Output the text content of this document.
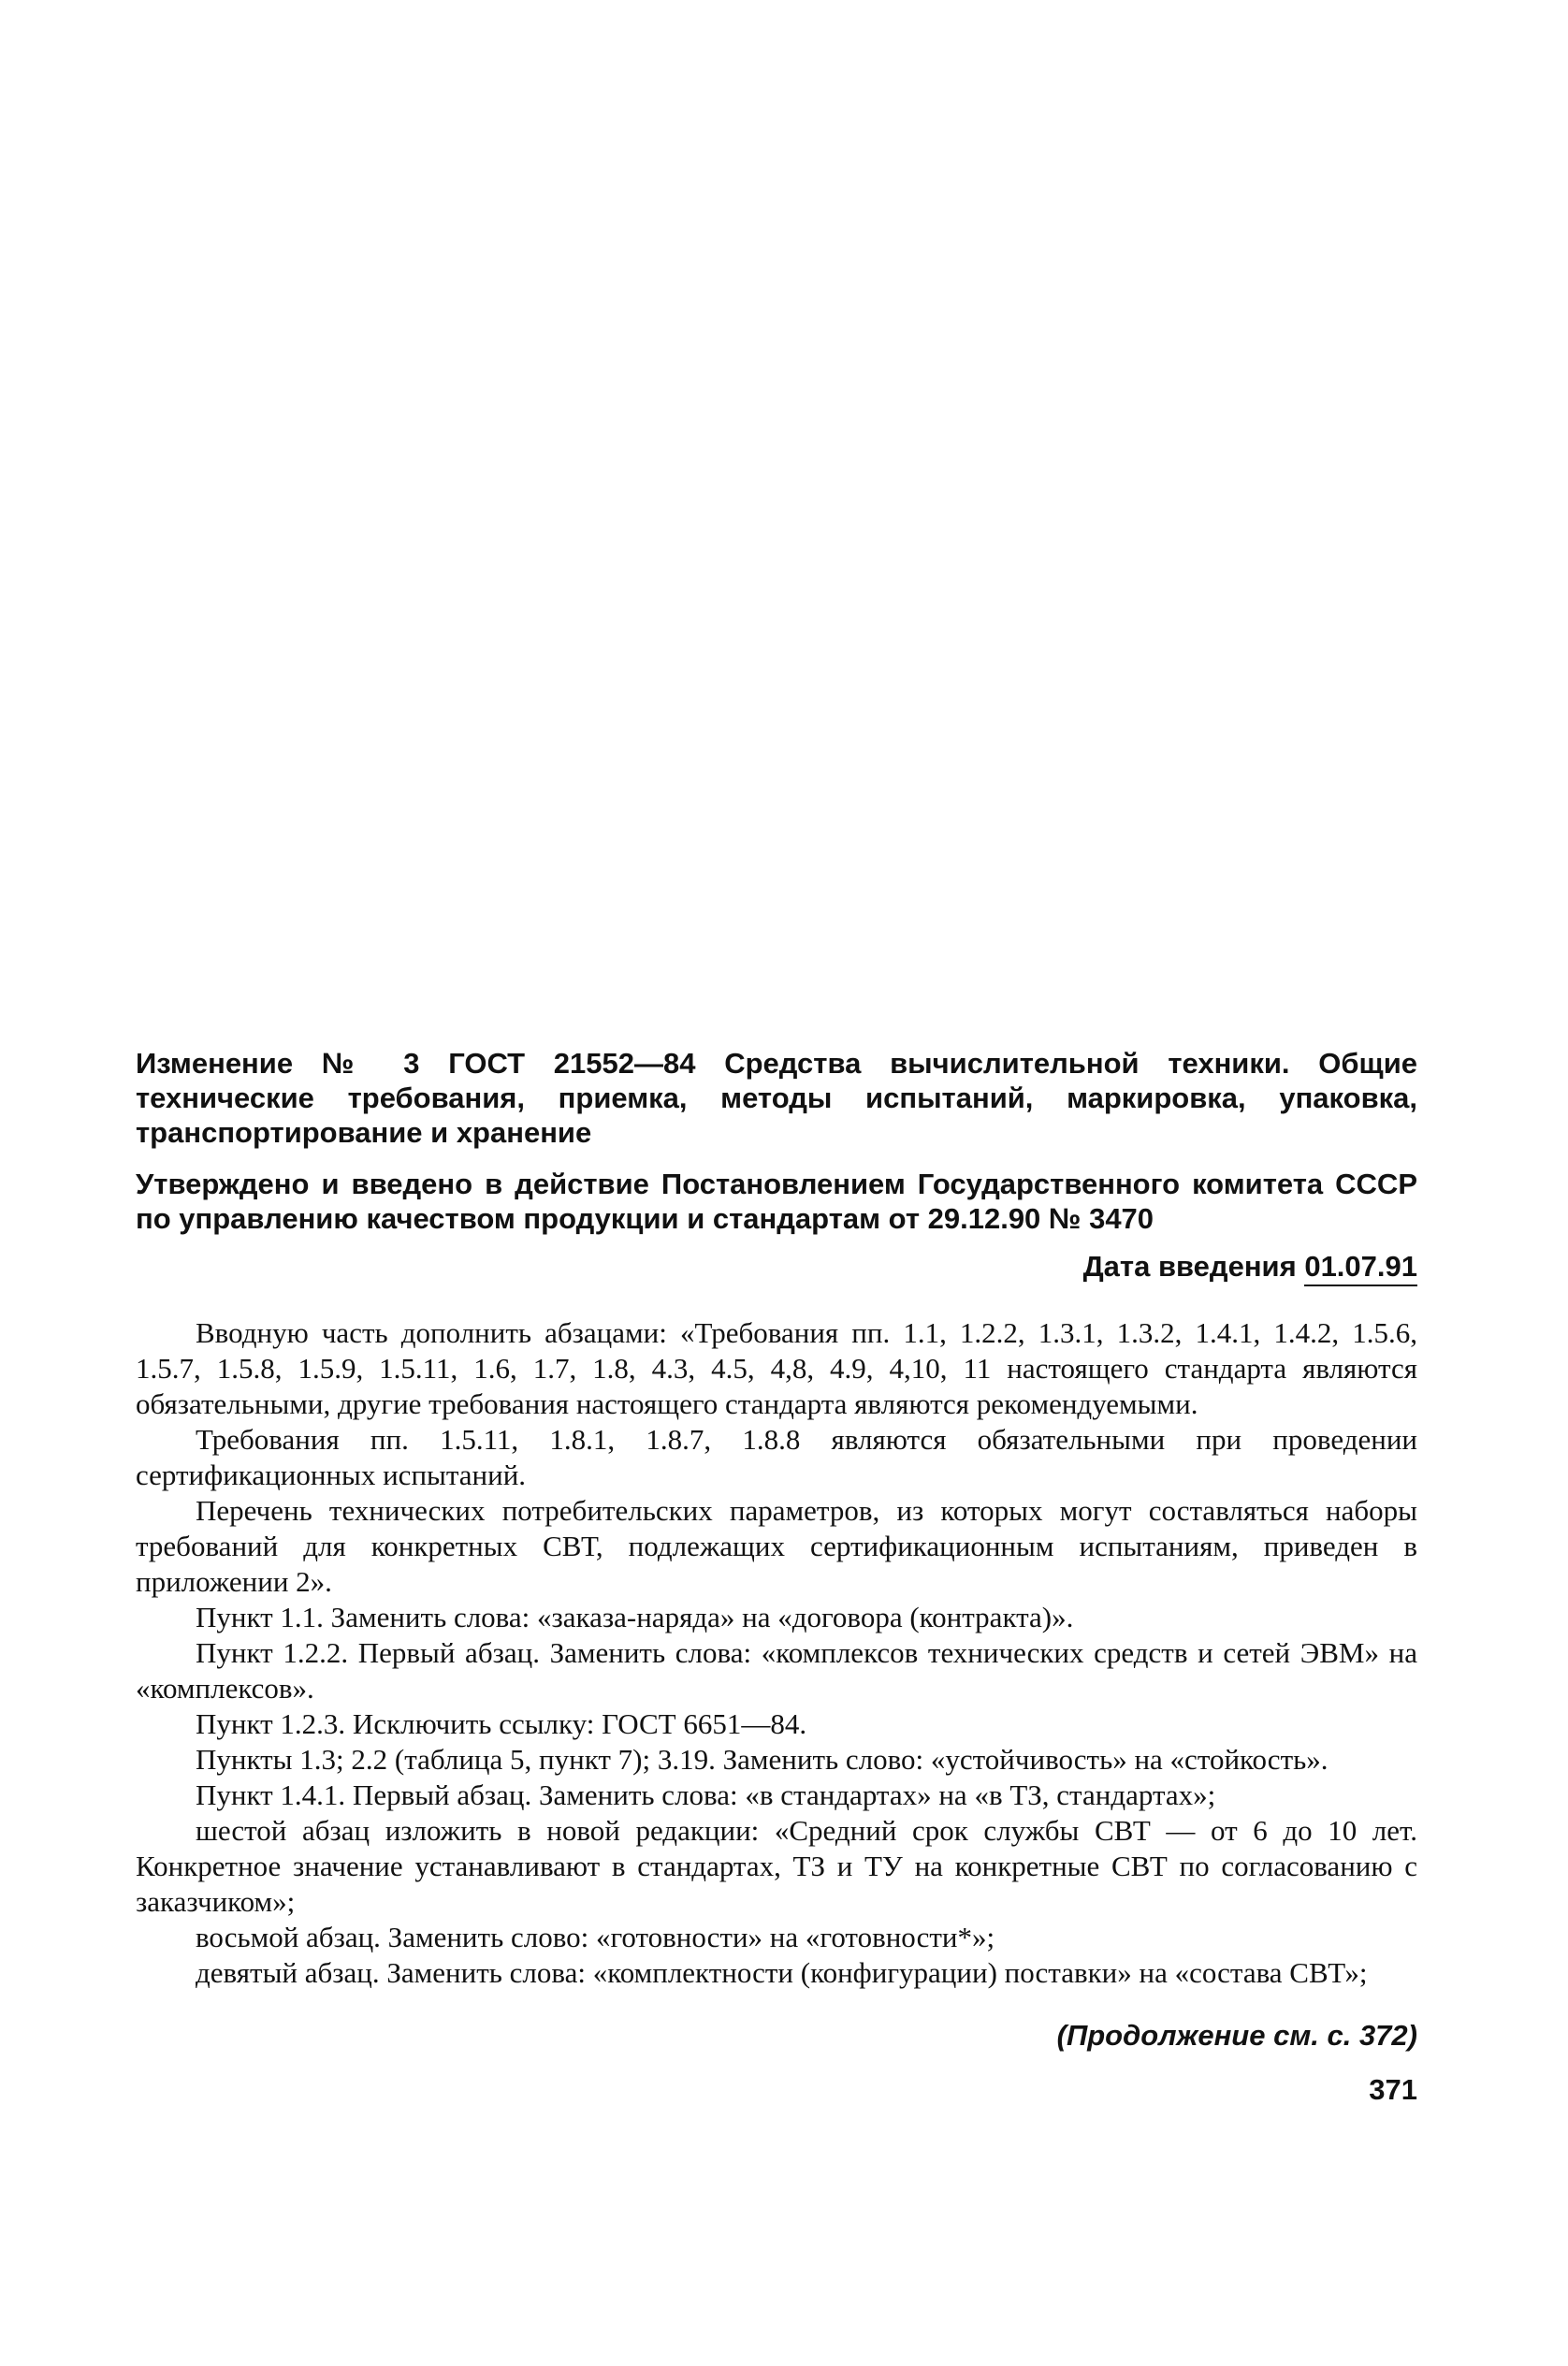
Изменение № 3 ГОСТ 21552—84 Средства вычислительной техники. Общие технические требования, приемка, методы испытаний, маркировка, упаковка, транспортирование и хранение

Утверждено и введено в действие Постановлением Государственного комитета СССР по управлению качеством продукции и стандартам от 29.12.90 № 3470

Дата введения 01.07.91

Вводную часть дополнить абзацами: «Требования пп. 1.1, 1.2.2, 1.3.1, 1.3.2, 1.4.1, 1.4.2, 1.5.6, 1.5.7, 1.5.8, 1.5.9, 1.5.11, 1.6, 1.7, 1.8, 4.3, 4.5, 4,8, 4.9, 4,10, 11 настоящего стандарта являются обязательными, другие требования настоящего стандарта являются рекомендуемыми.

Требования пп. 1.5.11, 1.8.1, 1.8.7, 1.8.8 являются обязательными при проведении сертификационных испытаний.

Перечень технических потребительских параметров, из которых могут составляться наборы требований для конкретных СВТ, подлежащих сертификационным испытаниям, приведен в приложении 2».

Пункт 1.1. Заменить слова: «заказа-наряда» на «договора (контракта)».

Пункт 1.2.2. Первый абзац. Заменить слова: «комплексов технических средств и сетей ЭВМ» на «комплексов».

Пункт 1.2.3. Исключить ссылку: ГОСТ 6651—84.

Пункты 1.3; 2.2 (таблица 5, пункт 7); 3.19. Заменить слово: «устойчивость» на «стойкость».

Пункт 1.4.1. Первый абзац. Заменить слова: «в стандартах» на «в ТЗ, стандартах»;

шестой абзац изложить в новой редакции: «Средний срок службы СВТ — от 6 до 10 лет. Конкретное значение устанавливают в стандартах, ТЗ и ТУ на конкретные СВТ по согласованию с заказчиком»;

восьмой абзац. Заменить слово: «готовности» на «готовности*»;

девятый абзац. Заменить слова: «комплектности (конфигурации) поставки» на «состава СВТ»;

(Продолжение см. с. 372)
371
